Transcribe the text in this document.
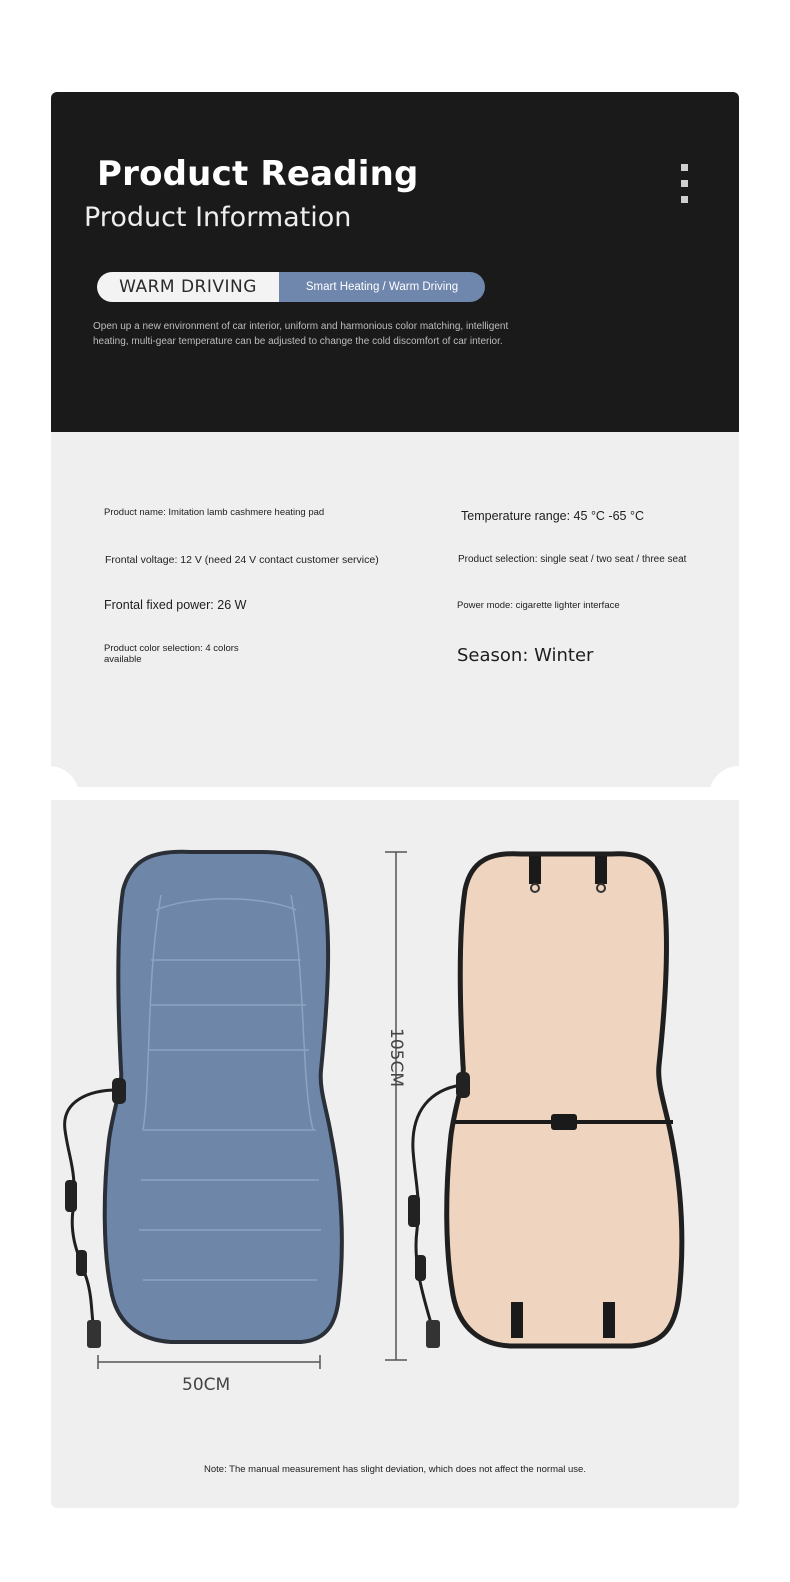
Product Reading
Product Information
WARM DRIVING	Smart Heating / Warm Driving
Open up a new environment of car interior, uniform and harmonious color matching, intelligent
heating, multi-gear temperature can be adjusted to change the cold discomfort of car interior.
Product name: Imitation lamb cashmere heating pad	Temperature range: 45 °C -65 °C
Frontal voltage: 12 V (need 24 V contact customer service)	Product selection: single seat / two seat / three seat
Frontal fixed power: 26 W	Power mode: cigarette lighter interface
Product color selection: 4 colors
available	Season: Winter
105CM
50CM
Note: The manual measurement has slight deviation, which does not affect the normal use.
